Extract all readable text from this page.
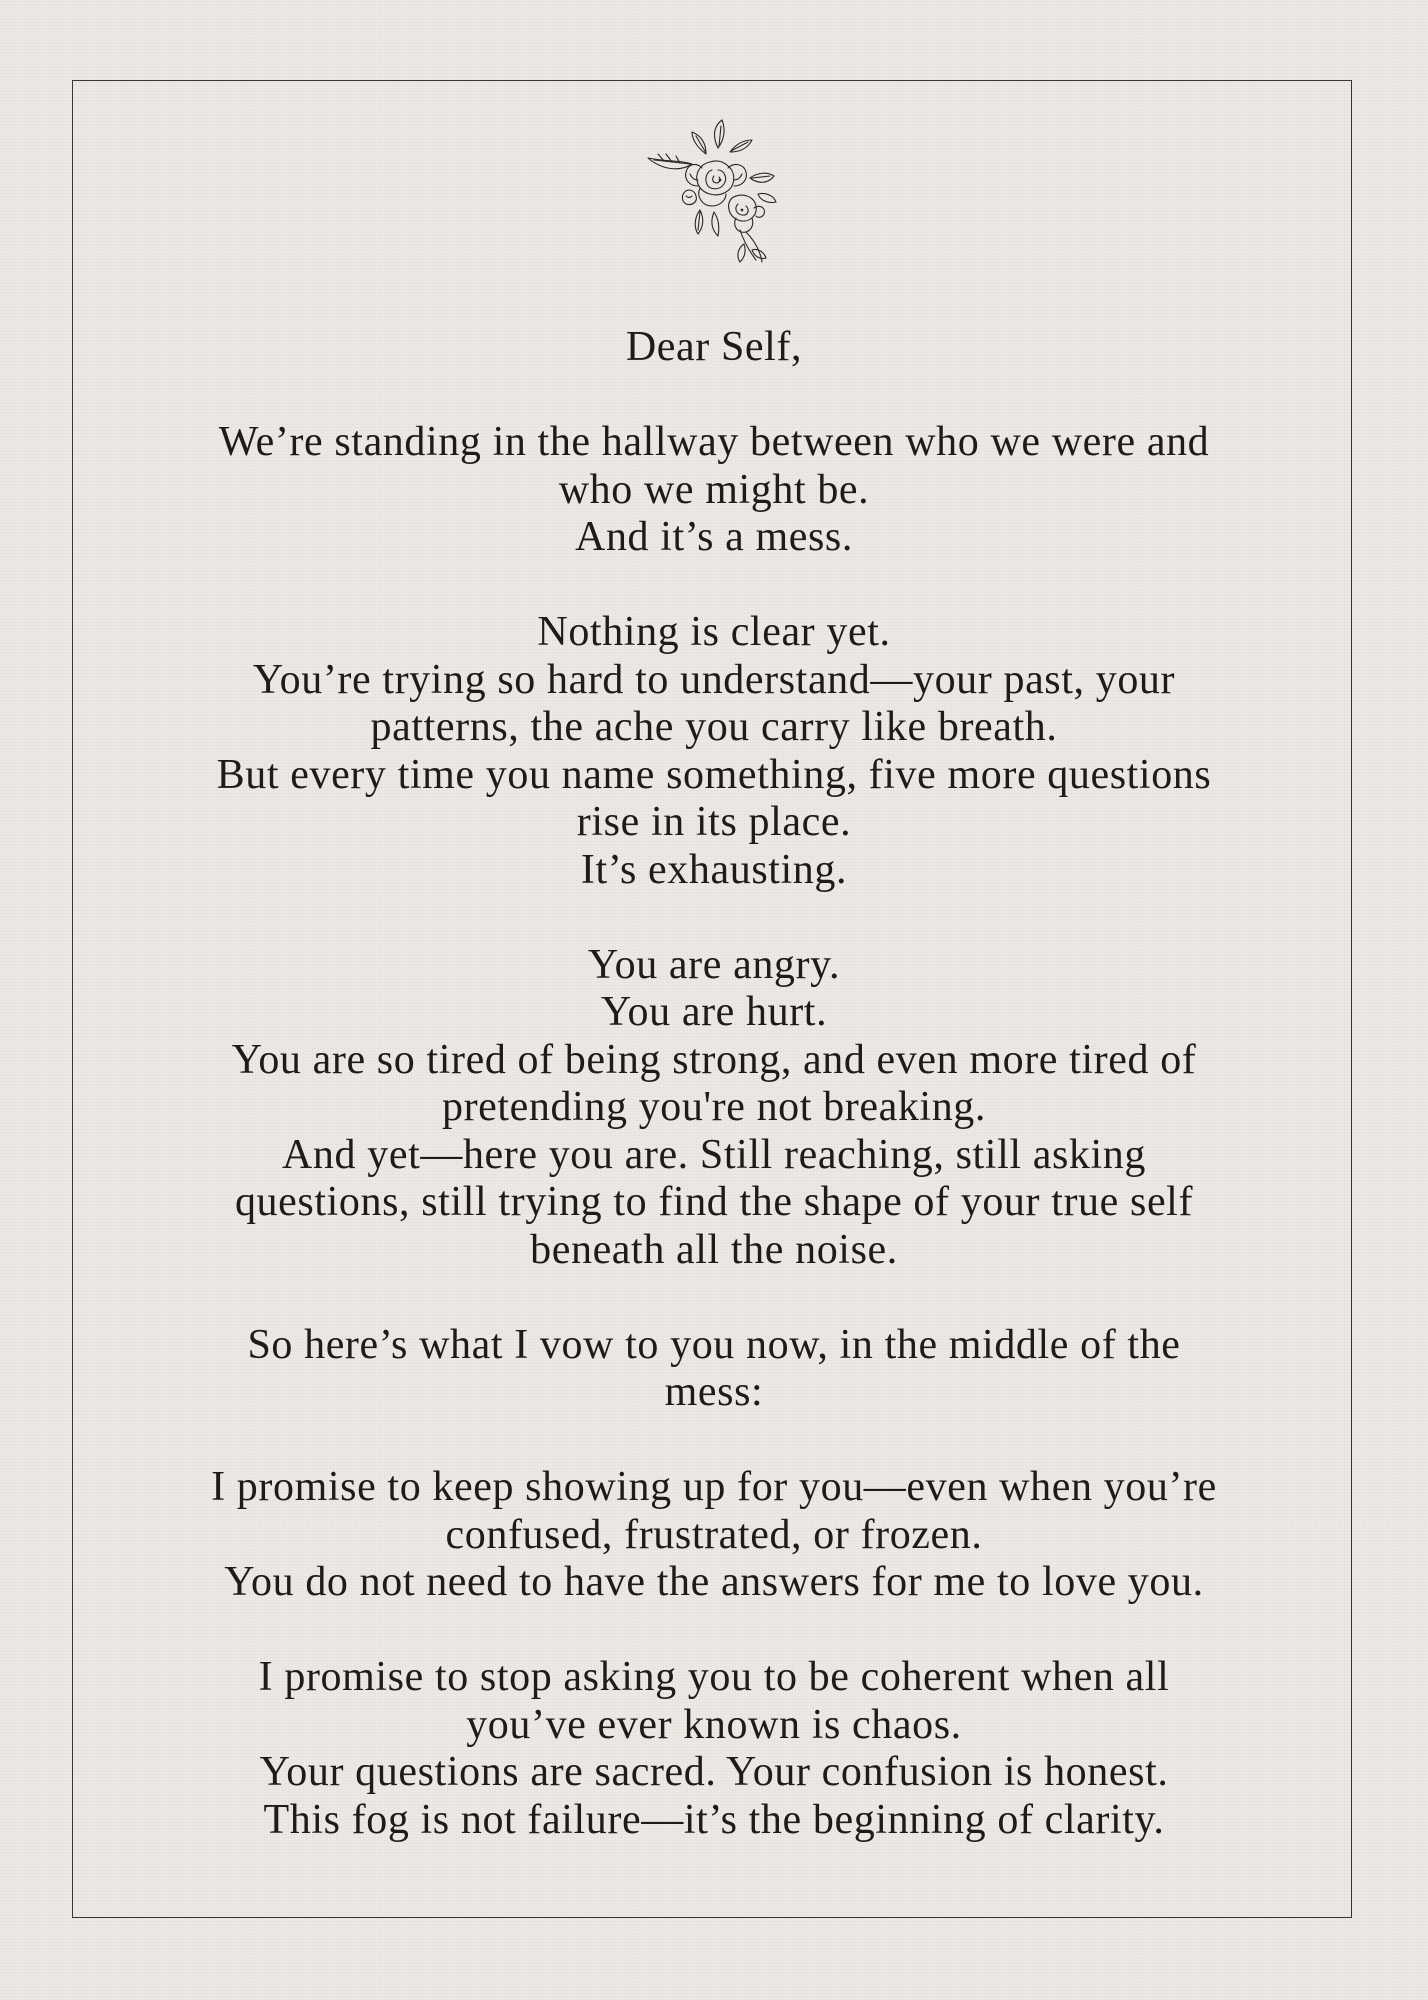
Dear Self,
We’re standing in the hallway between who we were and
who we might be.
And it’s a mess.
Nothing is clear yet.
You’re trying so hard to understand—your past, your
patterns, the ache you carry like breath.
But every time you name something, five more questions
rise in its place.
It’s exhausting.
You are angry.
You are hurt.
You are so tired of being strong, and even more tired of
pretending you're not breaking.
And yet—here you are. Still reaching, still asking
questions, still trying to find the shape of your true self
beneath all the noise.
So here’s what I vow to you now, in the middle of the
mess:
I promise to keep showing up for you—even when you’re
confused, frustrated, or frozen.
You do not need to have the answers for me to love you.
I promise to stop asking you to be coherent when all
you’ve ever known is chaos.
Your questions are sacred. Your confusion is honest.
This fog is not failure—it’s the beginning of clarity.
